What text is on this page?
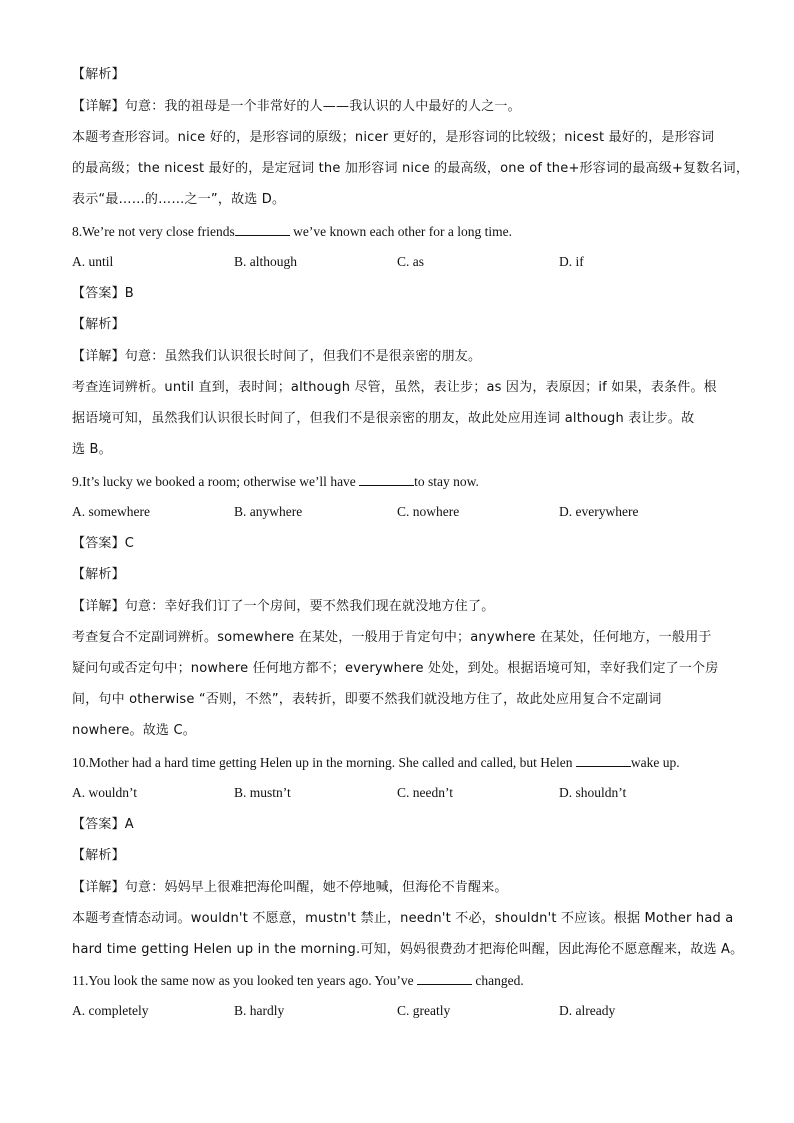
【解析】
【详解】句意：我的祖母是一个非常好的人——我认识的人中最好的人之一。
本题考查形容词。nice 好的，是形容词的原级；nicer 更好的，是形容词的比较级；nicest 最好的，是形容词
的最高级；the nicest 最好的，是定冠词 the 加形容词 nice 的最高级，one of the+形容词的最高级+复数名词，
表示“最……的……之一”，故选 D。
8.We’re not very close friends	we’ve known each other for a long time.
A. until	B. although	C. as	D. if
【答案】B
【解析】
【详解】句意：虽然我们认识很长时间了，但我们不是很亲密的朋友。
考查连词辨析。until 直到，表时间；although 尽管，虽然，表让步；as 因为，表原因；if 如果，表条件。根
据语境可知，虽然我们认识很长时间了，但我们不是很亲密的朋友，故此处应用连词 although 表让步。故
选 B。
9.It’s lucky we booked a room; otherwise we’ll have	to stay now.
A. somewhere	B. anywhere	C. nowhere	D. everywhere
【答案】C
【解析】
【详解】句意：幸好我们订了一个房间，要不然我们现在就没地方住了。
考查复合不定副词辨析。somewhere 在某处，一般用于肯定句中；anywhere 在某处，任何地方，一般用于
疑问句或否定句中；nowhere 任何地方都不；everywhere 处处，到处。根据语境可知，幸好我们定了一个房
间，句中 otherwise “否则，不然”，表转折，即要不然我们就没地方住了，故此处应用复合不定副词
nowhere。故选 C。
10.Mother had a hard time getting Helen up in the morning. She called and called, but Helen	wake up.
A. wouldn’t	B. mustn’t	C. needn’t	D. shouldn’t
【答案】A
【解析】
【详解】句意：妈妈早上很难把海伦叫醒，她不停地喊，但海伦不肯醒来。
本题考查情态动词。wouldn't 不愿意，mustn't 禁止，needn't 不必，shouldn't 不应该。根据 Mother had a
hard time getting Helen up in the morning.可知，妈妈很费劲才把海伦叫醒，因此海伦不愿意醒来，故选 A。
11.You look the same now as you looked ten years ago. You’ve	changed.
A. completely	B. hardly	C. greatly	D. already
